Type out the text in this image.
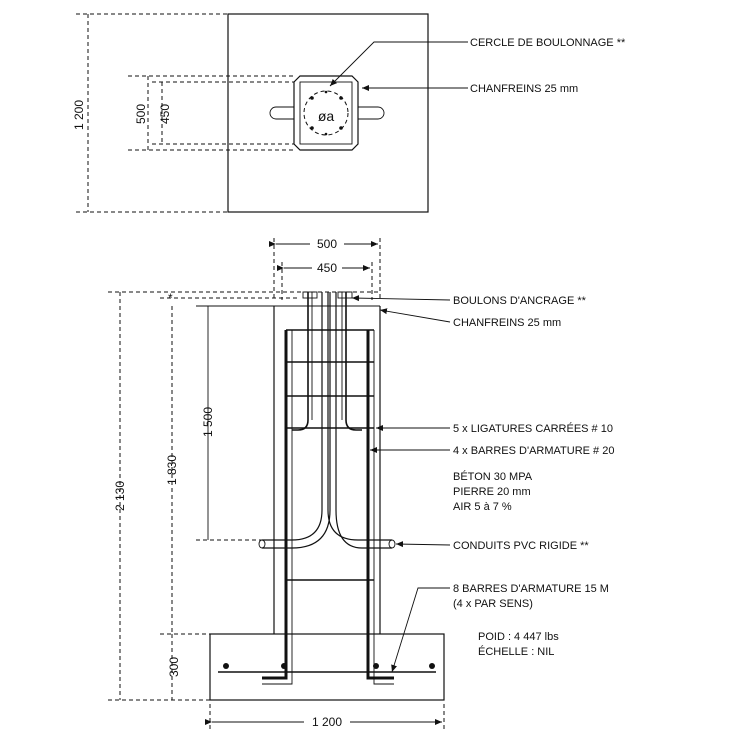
1 200	500 450	øa
CERCLE DE BOULONNAGE **
CHANFREINS 25 mm
500
450
*
2 130
1 830
1 500
300
1 200
BOULONS D'ANCRAGE **
CHANFREINS 25 mm
5 x LIGATURES CARRÉES # 10
4 x BARRES D'ARMATURE # 20
BÉTON 30 MPA
PIERRE 20 mm
AIR 5 à 7 %
CONDUITS PVC RIGIDE **
8 BARRES D'ARMATURE 15 M
(4 x PAR SENS)
POID : 4 447 lbs
ÉCHELLE : NIL
